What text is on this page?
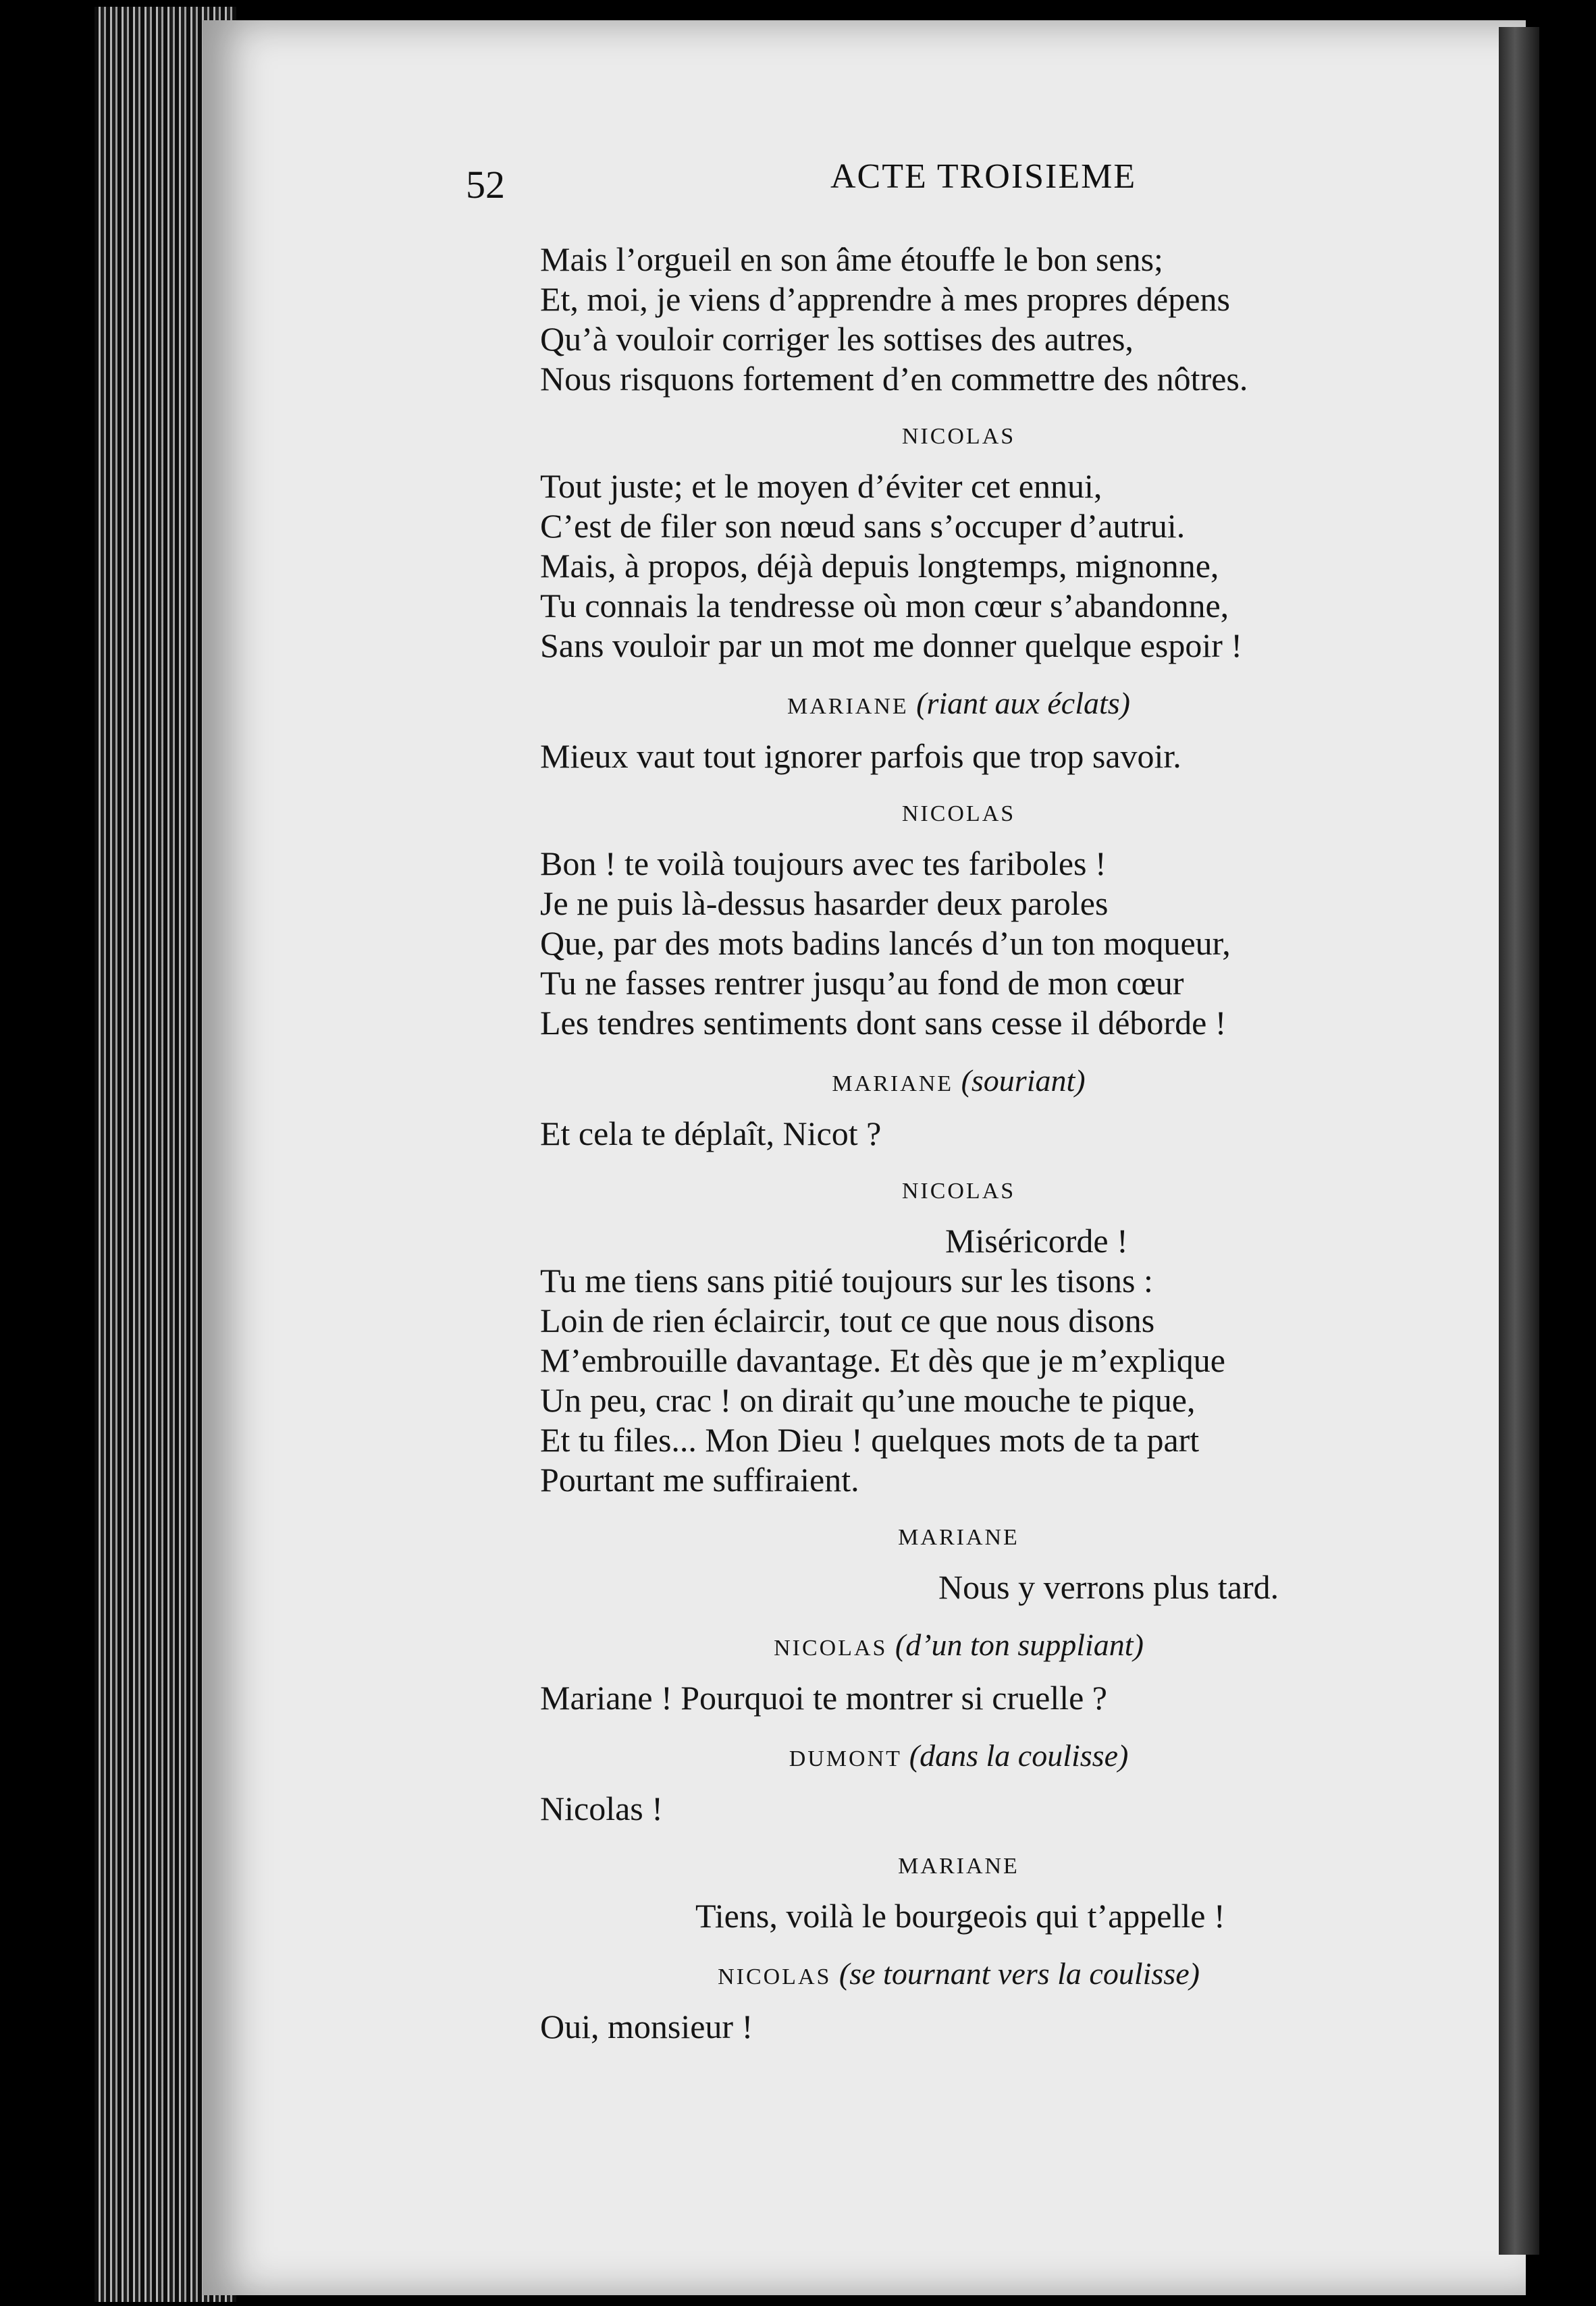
52	ACTE TROISIEME
Mais l’orgueil en son âme étouffe le bon sens;
Et, moi, je viens d’apprendre à mes propres dépens
Qu’à vouloir corriger les sottises des autres,
Nous risquons fortement d’en commettre des nôtres.
NICOLAS
Tout juste; et le moyen d’éviter cet ennui,
C’est de filer son nœud sans s’occuper d’autrui.
Mais, à propos, déjà depuis longtemps, mignonne,
Tu connais la tendresse où mon cœur s’abandonne,
Sans vouloir par un mot me donner quelque espoir !
MARIANE (riant aux éclats)
Mieux vaut tout ignorer parfois que trop savoir.
NICOLAS
Bon ! te voilà toujours avec tes fariboles !
Je ne puis là-dessus hasarder deux paroles
Que, par des mots badins lancés d’un ton moqueur,
Tu ne fasses rentrer jusqu’au fond de mon cœur
Les tendres sentiments dont sans cesse il déborde !
MARIANE (souriant)
Et cela te déplaît, Nicot ?
NICOLAS
Miséricorde !
Tu me tiens sans pitié toujours sur les tisons :
Loin de rien éclaircir, tout ce que nous disons
M’embrouille davantage. Et dès que je m’explique
Un peu, crac ! on dirait qu’une mouche te pique,
Et tu files... Mon Dieu ! quelques mots de ta part
Pourtant me suffiraient.
MARIANE
Nous y verrons plus tard.
NICOLAS (d’un ton suppliant)
Mariane ! Pourquoi te montrer si cruelle ?
DUMONT (dans la coulisse)
Nicolas !
MARIANE
Tiens, voilà le bourgeois qui t’appelle !
NICOLAS (se tournant vers la coulisse)
Oui, monsieur !
